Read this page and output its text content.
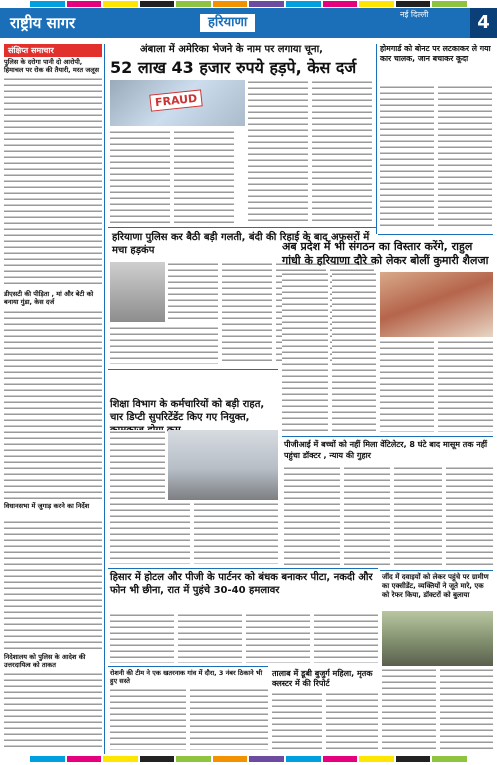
राष्ट्रीय सागर	हरियाणा
नई दिल्ली	4
संक्षिप्त समाचार
पुलिस के दरोगा पानी दो आरोपी, हिमाचल पर रोक की तैयारी, मरत जलूस
डीएसटी की पीड़िता , मां और बेटी को बनाया गुंडा, केस दर्ज
विधानसभा में जुगाड़ करने का निर्देश
निदेशालय को पुलिस के आदेश की उत्तरदायित्व को ताकत
अंबाला में अमेरिका भेजने के नाम पर लगाया चूना,
52 लाख 43 हजार रुपये हड़पे, केस दर्ज
FRAUD
होमगार्ड को बोनट पर लटकाकर ले गया कार चालक, जान बचाकर कूदा
हरियाणा पुलिस कर बैठी बड़ी गलती, बंदी की रिहाई के बाद अफसरों में मचा हड़कंप	अब प्रदेश में भी संगठन का विस्तार करेंगे, राहुल गांधी के हरियाणा दौरे को लेकर बोलीं कुमारी शैलजा
शिक्षा विभाग के कर्मचारियों को बड़ी राहत, चार डिप्टी सुपरिटेंडेंट किए गए नियुक्त,
पीजीआई में बच्चों को नहीं मिला वेंटिलेटर, 8 घंटे बाद मासूम तक नहीं पहुंचा डॉक्टर , न्याय की गुहार
हिसार में होटल और पीजी के पार्टनर को बंधक बनाकर पीटा, नकदी और फोन भी छीना, रात में पुहंचे 30-40 हमलावर
जींद में दवाइयों को लेकर पहुंचे पर ग्रामीण का एक्सीडेंट, व्यक्तियों ने जूते मारे, एक को रेफर किया, डॉक्टरों को बुलाया
रोशनी की टीम ने एक खतरनाक गांव में दौरा, 3 नंबर ठिकाने भी हुए सस्ते
तालाब में डूबी बुजुर्ग महिला, मृतक क्लस्टर में की रिपोर्ट
